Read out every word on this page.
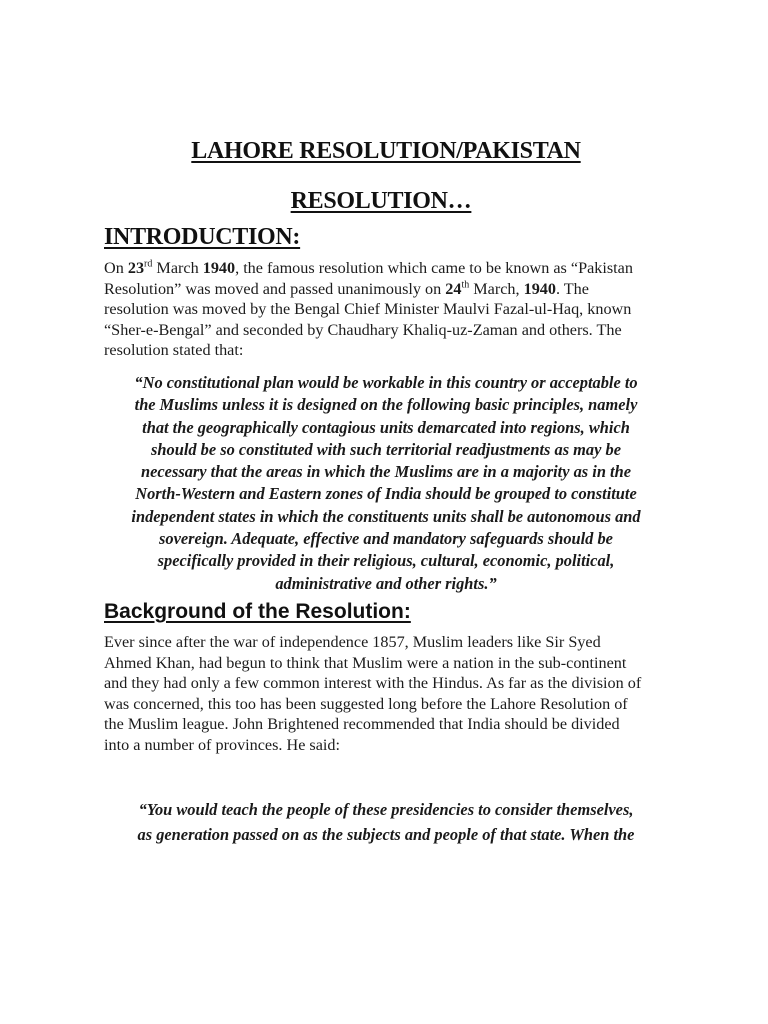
LAHORE RESOLUTION/PAKISTAN
RESOLUTION…
INTRODUCTION:
On 23rd March 1940, the famous resolution which came to be known as “Pakistan
Resolution” was moved and passed unanimously on 24th March, 1940. The
resolution was moved by the Bengal Chief Minister Maulvi Fazal-ul-Haq, known
“Sher-e-Bengal” and seconded by Chaudhary Khaliq-uz-Zaman and others. The
resolution stated that:
“No constitutional plan would be workable in this country or acceptable to
the Muslims unless it is designed on the following basic principles, namely
that the geographically contagious units demarcated into regions, which
should be so constituted with such territorial readjustments as may be
necessary that the areas in which the Muslims are in a majority as in the
North-Western and Eastern zones of India should be grouped to constitute
independent states in which the constituents units shall be autonomous and
sovereign. Adequate, effective and mandatory safeguards should be
specifically provided in their religious, cultural, economic, political,
administrative and other rights.”
Background of the Resolution:
Ever since after the war of independence 1857, Muslim leaders like Sir Syed
Ahmed Khan, had begun to think that Muslim were a nation in the sub-continent
and they had only a few common interest with the Hindus. As far as the division of
was concerned, this too has been suggested long before the Lahore Resolution of
the Muslim league. John Brightened recommended that India should be divided
into a number of provinces. He said:
“You would teach the people of these presidencies to consider themselves,
as generation passed on as the subjects and people of that state. When the
